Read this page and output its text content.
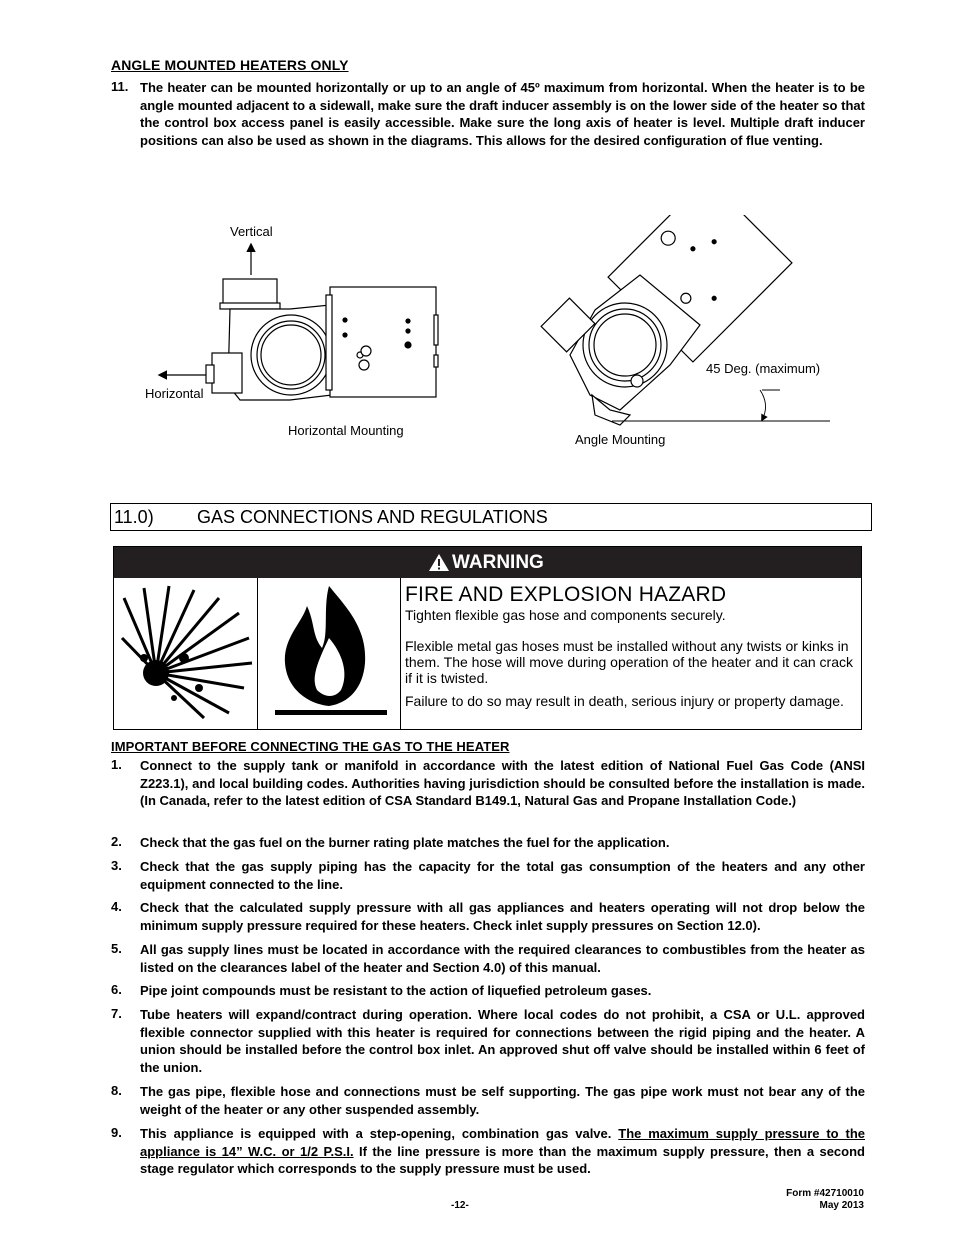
ANGLE MOUNTED HEATERS ONLY
11. The heater can be mounted horizontally or up to an angle of 45º maximum from horizontal. When the heater is to be angle mounted adjacent to a sidewall, make sure the draft inducer assembly is on the lower side of the heater so that the control box access panel is easily accessible. Make sure the long axis of heater is level. Multiple draft inducer positions can also be used as shown in the diagrams. This allows for the desired configuration of flue venting.
Vertical
Horizontal
Horizontal Mounting
Angle Mounting
45 Deg. (maximum)
11.0) GAS CONNECTIONS AND REGULATIONS
WARNING
FIRE AND EXPLOSION HAZARD
Tighten flexible gas hose and components securely.
Flexible metal gas hoses must be installed without any twists or kinks in them. The hose will move during operation of the heater and it can crack if it is twisted.
Failure to do so may result in death, serious injury or property damage.
IMPORTANT BEFORE CONNECTING THE GAS TO THE HEATER
1. Connect to the supply tank or manifold in accordance with the latest edition of National Fuel Gas Code (ANSI Z223.1), and local building codes. Authorities having jurisdiction should be consulted before the installation is made. (In Canada, refer to the latest edition of CSA Standard B149.1, Natural Gas and Propane Installation Code.)
2. Check that the gas fuel on the burner rating plate matches the fuel for the application.
3. Check that the gas supply piping has the capacity for the total gas consumption of the heaters and any other equipment connected to the line.
4. Check that the calculated supply pressure with all gas appliances and heaters operating will not drop below the minimum supply pressure required for these heaters. Check inlet supply pressures on Section 12.0).
5. All gas supply lines must be located in accordance with the required clearances to combustibles from the heater as listed on the clearances label of the heater and Section 4.0) of this manual.
6. Pipe joint compounds must be resistant to the action of liquefied petroleum gases.
7. Tube heaters will expand/contract during operation. Where local codes do not prohibit, a CSA or U.L. approved flexible connector supplied with this heater is required for connections between the rigid piping and the heater. A union should be installed before the control box inlet. An approved shut off valve should be installed within 6 feet of the union.
8. The gas pipe, flexible hose and connections must be self supporting. The gas pipe work must not bear any of the weight of the heater or any other suspended assembly.
9. This appliance is equipped with a step-opening, combination gas valve. The maximum supply pressure to the appliance is 14” W.C. or 1/2 P.S.I. If the line pressure is more than the maximum supply pressure, then a second stage regulator which corresponds to the supply pressure must be used.
-12-
Form #42710010
May 2013
